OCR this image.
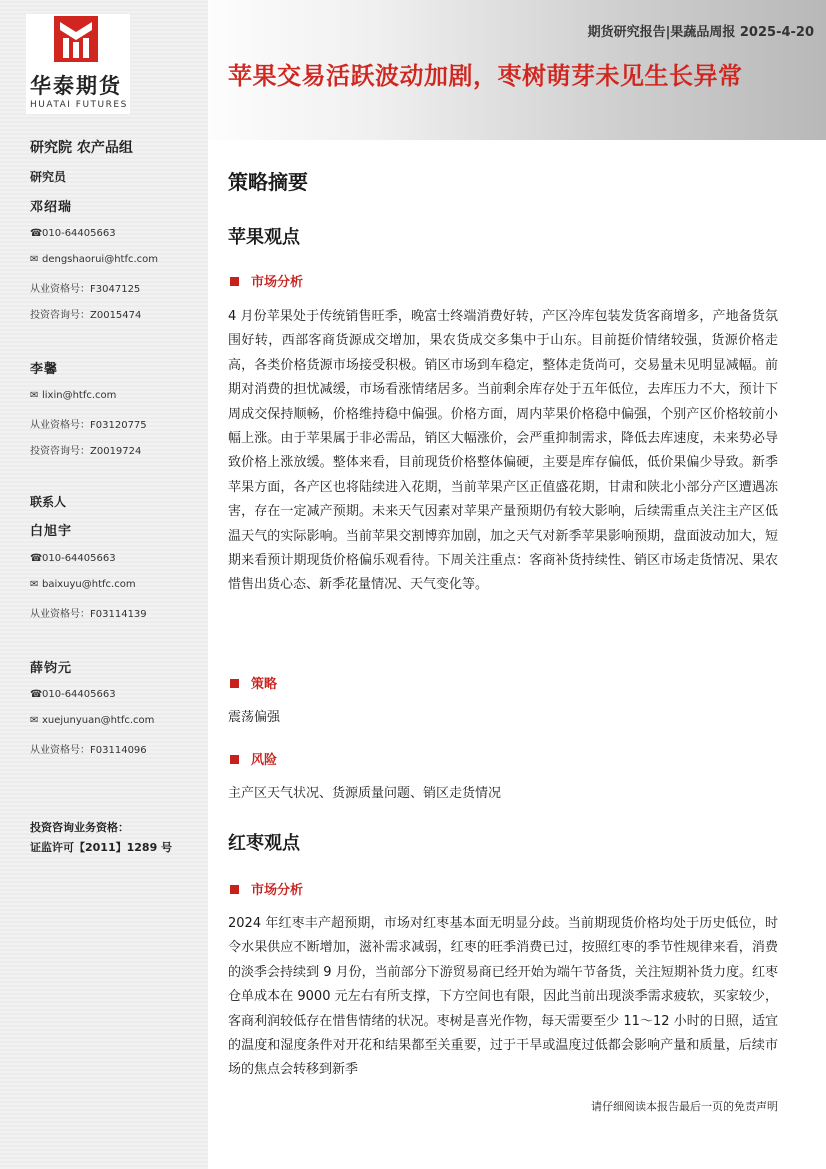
华泰期货
HUATAI FUTURES
期货研究报告|果蔬品周报 2025-4-20
苹果交易活跃波动加剧，枣树萌芽未见生长异常
研究院 农产品组
研究员
邓绍瑞
☎010-64405663
✉ dengshaorui@htfc.com
从业资格号：F3047125
投资咨询号：Z0015474
李馨
✉ lixin@htfc.com
从业资格号：F03120775
投资咨询号：Z0019724
联系人
白旭宇
☎010-64405663
✉ baixuyu@htfc.com
从业资格号：F03114139
薛钧元
☎010-64405663
✉ xuejunyuan@htfc.com
从业资格号：F03114096
投资咨询业务资格：
证监许可【2011】1289 号
策略摘要
苹果观点
市场分析
4 月份苹果处于传统销售旺季，晚富士终端消费好转，产区冷库包装发货客商增多，产地备货氛围好转，西部客商货源成交增加，果农货成交多集中于山东。目前挺价情绪较强，货源价格走高，各类价格货源市场接受积极。销区市场到车稳定，整体走货尚可，交易量未见明显减幅。前期对消费的担忧减缓，市场看涨情绪居多。当前剩余库存处于五年低位，去库压力不大，预计下周成交保持顺畅，价格维持稳中偏强。价格方面，周内苹果价格稳中偏强，个别产区价格较前小幅上涨。由于苹果属于非必需品，销区大幅涨价，会严重抑制需求，降低去库速度，未来势必导致价格上涨放缓。整体来看，目前现货价格整体偏硬，主要是库存偏低，低价果偏少导致。新季苹果方面，各产区也将陆续进入花期，当前苹果产区正值盛花期，甘肃和陕北小部分产区遭遇冻害，存在一定减产预期。未来天气因素对苹果产量预期仍有较大影响，后续需重点关注主产区低温天气的实际影响。当前苹果交割博弈加剧，加之天气对新季苹果影响预期，盘面波动加大，短期来看预计期现货价格偏乐观看待。下周关注重点：客商补货持续性、销区市场走货情况、果农惜售出货心态、新季花量情况、天气变化等。
策略
震荡偏强
风险
主产区天气状况、货源质量问题、销区走货情况
红枣观点
市场分析
2024 年红枣丰产超预期，市场对红枣基本面无明显分歧。当前期现货价格均处于历史低位，时令水果供应不断增加，滋补需求减弱，红枣的旺季消费已过，按照红枣的季节性规律来看，消费的淡季会持续到 9 月份，当前部分下游贸易商已经开始为端午节备货，关注短期补货力度。红枣仓单成本在 9000 元左右有所支撑，下方空间也有限，因此当前出现淡季需求疲软，买家较少，客商利润较低存在惜售情绪的状况。枣树是喜光作物，每天需要至少 11～12 小时的日照，适宜的温度和湿度条件对开花和结果都至关重要，过于干旱或温度过低都会影响产量和质量，后续市场的焦点会转移到新季
请仔细阅读本报告最后一页的免责声明
